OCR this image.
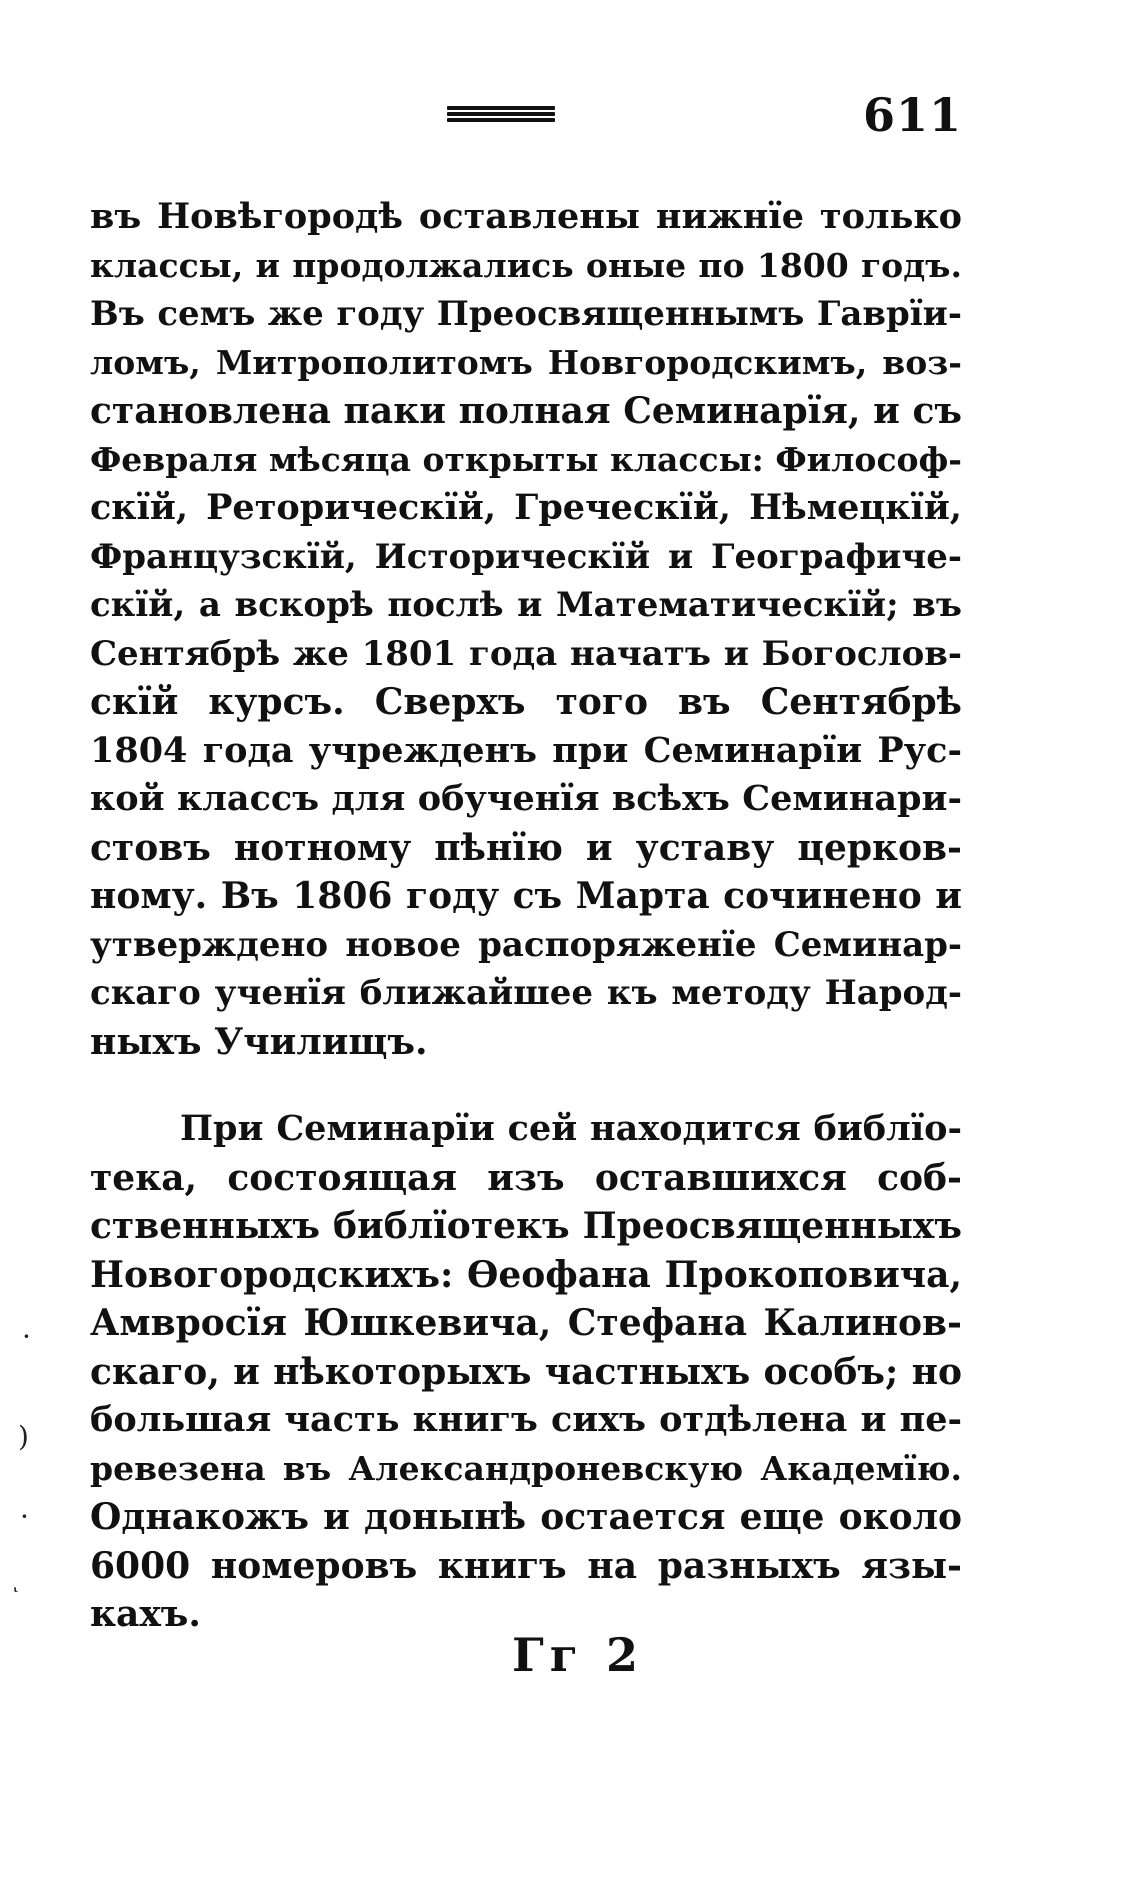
611
въ Новѣгородѣ оставлены нижнїе только
классы, и продолжались оные по 1800 годъ.
Въ семъ же году Преосвященнымъ Гаврїи-
ломъ, Митрополитомъ Новгородскимъ, воз-
становлена паки полная Семинарїя, и съ
Февраля мѣсяца открыты классы: Философ-
скїй, Реторическїй, Греческїй, Нѣмецкїй,
Французскїй, Историческїй и Географиче-
скїй, а вскорѣ послѣ и Математическїй; въ
Сентябрѣ же 1801 года начатъ и Богослов-
скїй курсъ. Сверхъ того въ Сентябрѣ
1804 года учрежденъ при Семинарїи Рус-
кой классъ для обученїя всѣхъ Семинари-
стовъ нотному пѣнїю и уставу церков-
ному. Въ 1806 году съ Марта сочинено и
утверждено новое распоряженїе Семинар-
скаго ученїя ближайшее къ методу Народ-
ныхъ Училищъ.
При Семинарїи сей находится библїо-
тека, состоящая изъ оставшихся соб-
ственныхъ библїотекъ Преосвященныхъ
Новогородскихъ: Ѳеофана Прокоповича,
Амвросїя Юшкевича, Стефана Калинов-
скаго, и нѣкоторыхъ частныхъ особъ; но
большая часть книгъ сихъ отдѣлена и пе-
ревезена въ Александроневскую Академїю.
Однакожъ и донынѣ остается еще около
6000 номеровъ книгъ на разныхъ язы-
кахъ.
Гг 2
·
)
·
